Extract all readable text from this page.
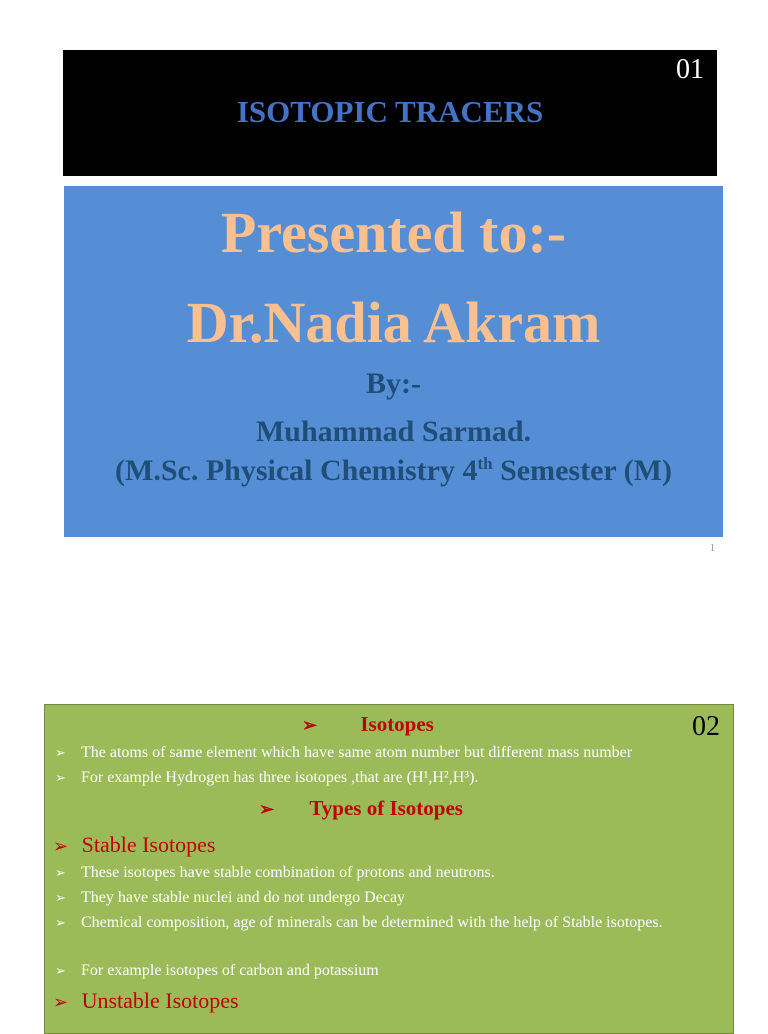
01
ISOTOPIC TRACERS
Presented to:-
Dr.Nadia Akram
By:-
Muhammad Sarmad.
(M.Sc. Physical Chemistry 4th Semester (M)
1
02
➢ Isotopes
➢ The atoms of same element which have same atom number but different mass number
➢ For example Hydrogen has three isotopes ,that are (H¹,H²,H³).
➢ Types of Isotopes
➢ Stable Isotopes
➢ These isotopes have stable combination of protons and neutrons.
➢ They have stable nuclei and do not undergo Decay
➢ Chemical composition, age of minerals can be determined with the help of Stable isotopes.
➢ For example isotopes of carbon and potassium
➢ Unstable Isotopes
